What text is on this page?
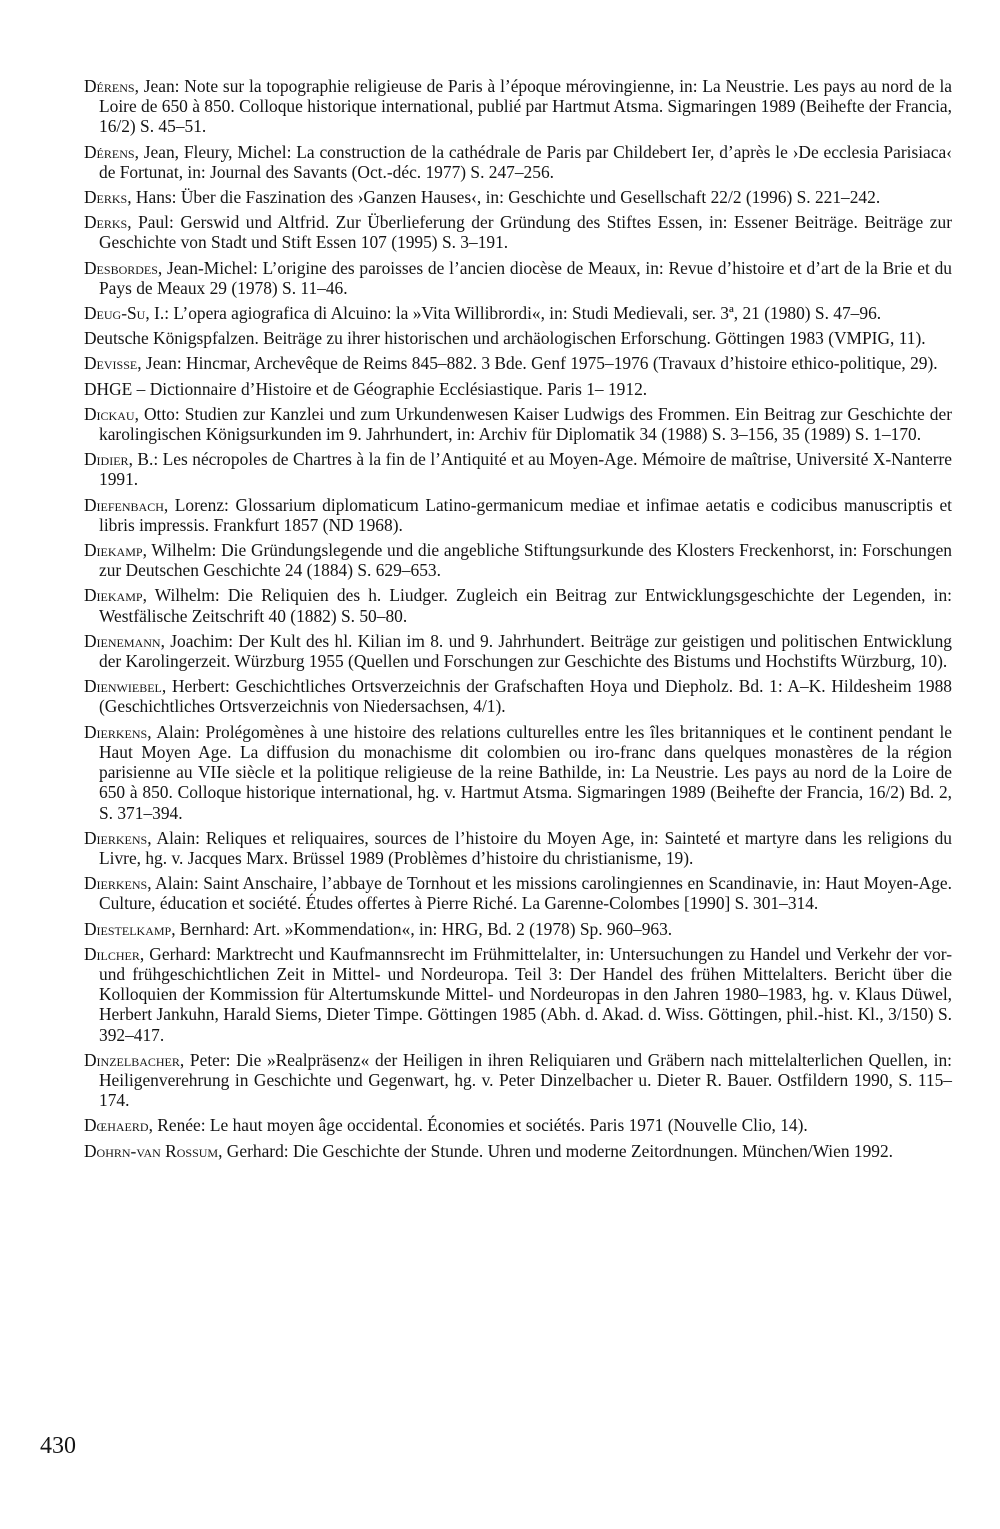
Dérens, Jean: Note sur la topographie religieuse de Paris à l’époque mérovingienne, in: La Neustrie. Les pays au nord de la Loire de 650 à 850. Colloque historique international, publié par Hartmut Atsma. Sigmaringen 1989 (Beihefte der Francia, 16/2) S. 45–51.

Dérens, Jean, Fleury, Michel: La construction de la cathédrale de Paris par Childebert Ier, d’après le ›De ecclesia Parisiaca‹ de Fortunat, in: Journal des Savants (Oct.-déc. 1977) S. 247–256.

Derks, Hans: Über die Faszination des ›Ganzen Hauses‹, in: Geschichte und Gesellschaft 22/2 (1996) S. 221–242.

Derks, Paul: Gerswid und Altfrid. Zur Überlieferung der Gründung des Stiftes Essen, in: Essener Beiträge. Beiträge zur Geschichte von Stadt und Stift Essen 107 (1995) S. 3–191.

Desbordes, Jean-Michel: L’origine des paroisses de l’ancien diocèse de Meaux, in: Revue d’histoire et d’art de la Brie et du Pays de Meaux 29 (1978) S. 11–46.

Deug-Su, I.: L’opera agiografica di Alcuino: la »Vita Willibrordi«, in: Studi Medievali, ser. 3ª, 21 (1980) S. 47–96.

Deutsche Königspfalzen. Beiträge zu ihrer historischen und archäologischen Erforschung. Göttingen 1983 (VMPIG, 11).

Devisse, Jean: Hincmar, Archevêque de Reims 845–882. 3 Bde. Genf 1975–1976 (Travaux d’histoire ethico-politique, 29).

DHGE – Dictionnaire d’Histoire et de Géographie Ecclésiastique. Paris 1– 1912.

Dickau, Otto: Studien zur Kanzlei und zum Urkundenwesen Kaiser Ludwigs des Frommen. Ein Beitrag zur Geschichte der karolingischen Königsurkunden im 9. Jahrhundert, in: Archiv für Diplomatik 34 (1988) S. 3–156, 35 (1989) S. 1–170.

Didier, B.: Les nécropoles de Chartres à la fin de l’Antiquité et au Moyen-Age. Mémoire de maîtrise, Université X-Nanterre 1991.

Diefenbach, Lorenz: Glossarium diplomaticum Latino-germanicum mediae et infimae aetatis e codicibus manuscriptis et libris impressis. Frankfurt 1857 (ND 1968).

Diekamp, Wilhelm: Die Gründungslegende und die angebliche Stiftungsurkunde des Klosters Freckenhorst, in: Forschungen zur Deutschen Geschichte 24 (1884) S. 629–653.

Diekamp, Wilhelm: Die Reliquien des h. Liudger. Zugleich ein Beitrag zur Entwicklungsgeschichte der Legenden, in: Westfälische Zeitschrift 40 (1882) S. 50–80.

Dienemann, Joachim: Der Kult des hl. Kilian im 8. und 9. Jahrhundert. Beiträge zur geistigen und politischen Entwicklung der Karolingerzeit. Würzburg 1955 (Quellen und Forschungen zur Geschichte des Bistums und Hochstifts Würzburg, 10).

Dienwiebel, Herbert: Geschichtliches Ortsverzeichnis der Grafschaften Hoya und Diepholz. Bd. 1: A–K. Hildesheim 1988 (Geschichtliches Ortsverzeichnis von Niedersachsen, 4/1).

Dierkens, Alain: Prolégomènes à une histoire des relations culturelles entre les îles britanniques et le continent pendant le Haut Moyen Age. La diffusion du monachisme dit colombien ou iro-franc dans quelques monastères de la région parisienne au VIIe siècle et la politique religieuse de la reine Bathilde, in: La Neustrie. Les pays au nord de la Loire de 650 à 850. Colloque historique international, hg. v. Hartmut Atsma. Sigmaringen 1989 (Beihefte der Francia, 16/2) Bd. 2, S. 371–394.

Dierkens, Alain: Reliques et reliquaires, sources de l’histoire du Moyen Age, in: Sainteté et martyre dans les religions du Livre, hg. v. Jacques Marx. Brüssel 1989 (Problèmes d’histoire du christianisme, 19).

Dierkens, Alain: Saint Anschaire, l’abbaye de Tornhout et les missions carolingiennes en Scandinavie, in: Haut Moyen-Age. Culture, éducation et société. Études offertes à Pierre Riché. La Garenne-Colombes [1990] S. 301–314.

Diestelkamp, Bernhard: Art. »Kommendation«, in: HRG, Bd. 2 (1978) Sp. 960–963.

Dilcher, Gerhard: Marktrecht und Kaufmannsrecht im Frühmittelalter, in: Untersuchungen zu Handel und Verkehr der vor- und frühgeschichtlichen Zeit in Mittel- und Nordeuropa. Teil 3: Der Handel des frühen Mittelalters. Bericht über die Kolloquien der Kommission für Altertumskunde Mittel- und Nordeuropas in den Jahren 1980–1983, hg. v. Klaus Düwel, Herbert Jankuhn, Harald Siems, Dieter Timpe. Göttingen 1985 (Abh. d. Akad. d. Wiss. Göttingen, phil.-hist. Kl., 3/150) S. 392–417.

Dinzelbacher, Peter: Die »Realpräsenz« der Heiligen in ihren Reliquiaren und Gräbern nach mittelalterlichen Quellen, in: Heiligenverehrung in Geschichte und Gegenwart, hg. v. Peter Dinzelbacher u. Dieter R. Bauer. Ostfildern 1990, S. 115–174.

Dœhaerd, Renée: Le haut moyen âge occidental. Économies et sociétés. Paris 1971 (Nouvelle Clio, 14).

Dohrn-van Rossum, Gerhard: Die Geschichte der Stunde. Uhren und moderne Zeitordnungen. München/Wien 1992.

430
